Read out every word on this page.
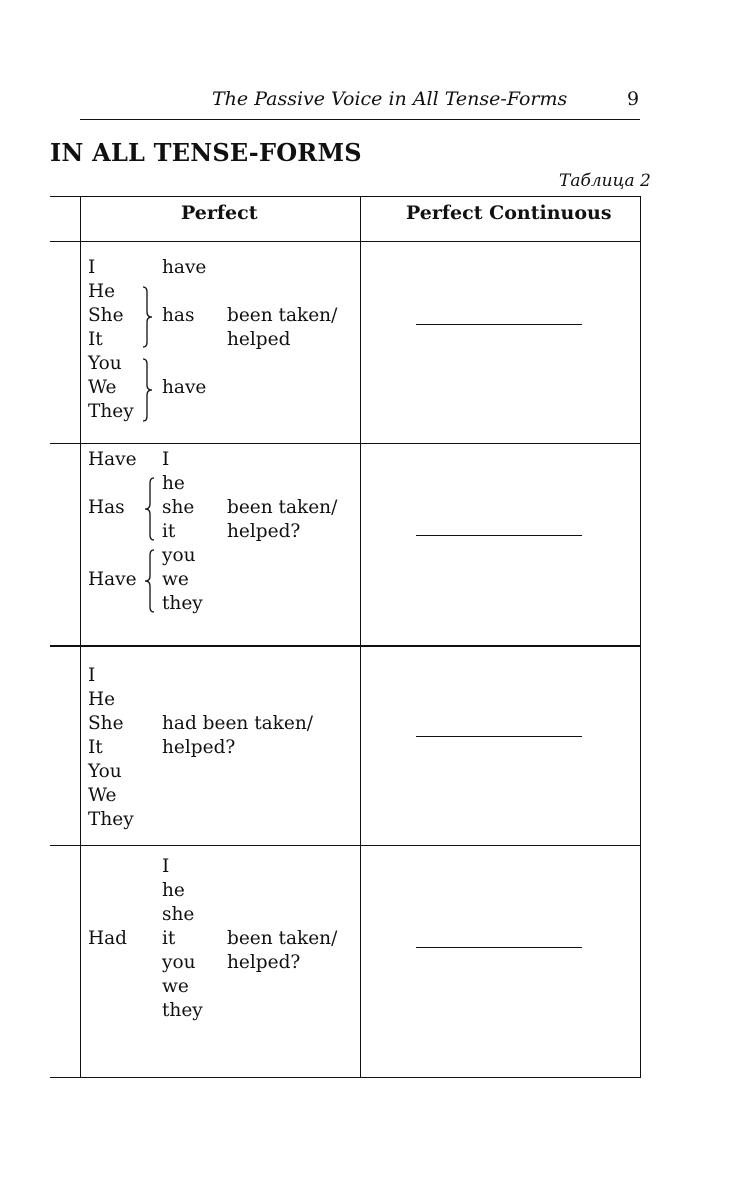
The Passive Voice in All Tense-Forms	9
IN ALL TENSE-FORMS
Таблица 2
Perfect	Perfect Continuous
I
He
She
It
You
We
They
have
has
have
been taken/
helped
Have
Has
Have
I
he
she
it
you
we
they
been taken/
helped?
I
He
She
It
You
We
They
had been taken/
helped?
Had
I
he
she
it
you
we
they
been taken/
helped?
